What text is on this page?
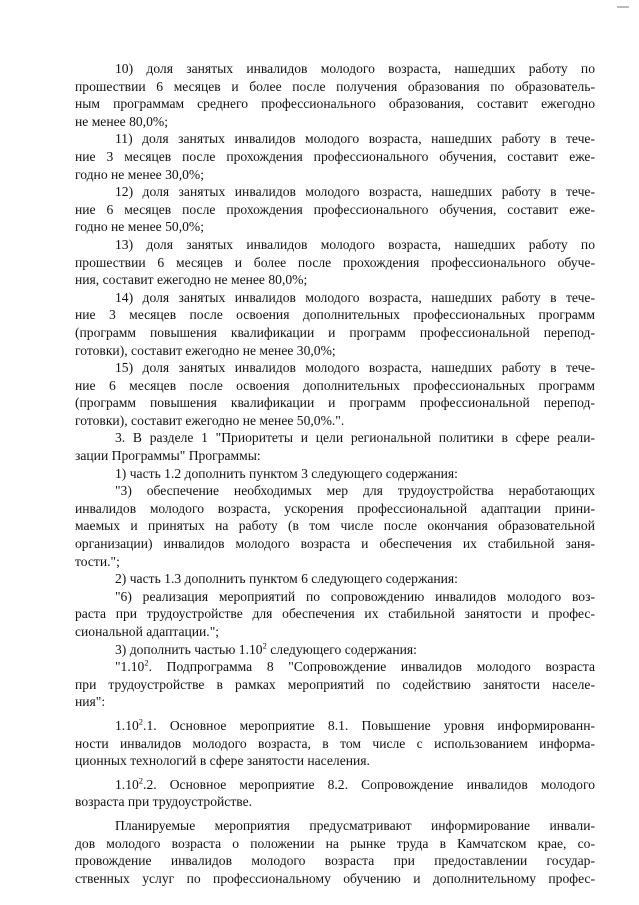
10) доля занятых инвалидов молодого возраста, нашедших работу по
прошествии 6 месяцев и более после получения образования по образователь-
ным программам среднего профессионального образования, составит ежегодно
не менее 80,0%;
11) доля занятых инвалидов молодого возраста, нашедших работу в тече-
ние 3 месяцев после прохождения профессионального обучения, составит еже-
годно не менее 30,0%;
12) доля занятых инвалидов молодого возраста, нашедших работу в тече-
ние 6 месяцев после прохождения профессионального обучения, составит еже-
годно не менее 50,0%;
13) доля занятых инвалидов молодого возраста, нашедших работу по
прошествии 6 месяцев и более после прохождения профессионального обуче-
ния, составит ежегодно не менее 80,0%;
14) доля занятых инвалидов молодого возраста, нашедших работу в тече-
ние 3 месяцев после освоения дополнительных профессиональных программ
(программ повышения квалификации и программ профессиональной перепод-
готовки), составит ежегодно не менее 30,0%;
15) доля занятых инвалидов молодого возраста, нашедших работу в тече-
ние 6 месяцев после освоения дополнительных профессиональных программ
(программ повышения квалификации и программ профессиональной перепод-
готовки), составит ежегодно не менее 50,0%.".
3. В разделе 1 "Приоритеты и цели региональной политики в сфере реали-
зации Программы" Программы:
1) часть 1.2 дополнить пунктом 3 следующего содержания:
"3) обеспечение необходимых мер для трудоустройства неработающих
инвалидов молодого возраста, ускорения профессиональной адаптации прини-
маемых и принятых на работу (в том числе после окончания образовательной
организации) инвалидов молодого возраста и обеспечения их стабильной заня-
тости.";
2) часть 1.3 дополнить пунктом 6 следующего содержания:
"6) реализация мероприятий по сопровождению инвалидов молодого воз-
раста при трудоустройстве для обеспечения их стабильной занятости и профес-
сиональной адаптации.";
3) дополнить частью 1.10$^2$ следующего содержания:
"1.10$^2$. Подпрограмма 8 "Сопровождение инвалидов молодого возраста
при трудоустройстве в рамках мероприятий по содействию занятости населе-
ния":
1.10$^2$.1. Основное мероприятие 8.1. Повышение уровня информированн-
ности инвалидов молодого возраста, в том числе с использованием информа-
ционных технологий в сфере занятости населения.
1.10$^2$.2. Основное мероприятие 8.2. Сопровождение инвалидов молодого
возраста при трудоустройстве.
Планируемые мероприятия предусматривают информирование инвали-
дов молодого возраста о положении на рынке труда в Камчатском крае, со-
провождение инвалидов молодого возраста при предоставлении государ-
ственных услуг по профессиональному обучению и дополнительному профес-
